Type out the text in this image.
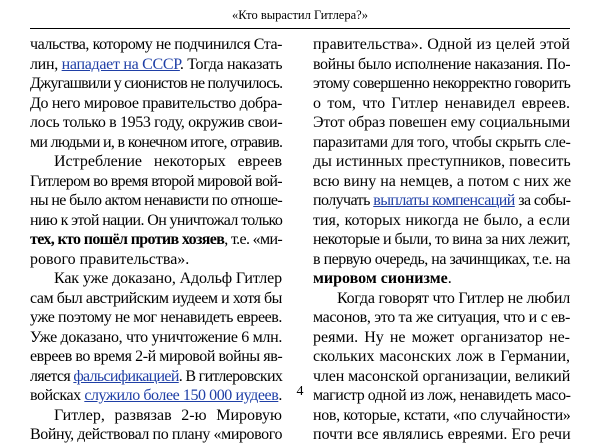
«Кто вырастил Гитлера?»
чальства, которому не подчинился Ста-
лин, нападает на СССР. Тогда наказать
Джугашвили у сионистов не получилось.
До него мировое правительство добра-
лось только в 1953 году, окружив свои-
ми людьми и, в конечном итоге, отравив.
Истребление некоторых евреев
Гитлером во время второй мировой вой-
ны не было актом ненависти по отноше-
нию к этой нации. Он уничтожал только
тех, кто пошёл против хозяев, т.е. «ми-
рового правительства».
Как уже доказано, Адольф Гитлер
сам был австрийским иудеем и хотя бы
уже поэтому не мог ненавидеть евреев.
Уже доказано, что уничтожение 6 млн.
евреев во время 2-й мировой войны яв-
ляется фальсификацией. В гитлеровских
войсках служило более 150 000 иудеев.
Гитлер, развязав 2-ю Мировую
Войну, действовал по плану «мирового
правительства». Одной из целей этой
войны было исполнение наказания. По-
этому совершенно некорректно говорить
о том, что Гитлер ненавидел евреев.
Этот образ повешен ему социальными
паразитами для того, чтобы скрыть сле-
ды истинных преступников, повесить
всю вину на немцев, а потом с них же
получать выплаты компенсаций за собы-
тия, которых никогда не было, а если
некоторые и были, то вина за них лежит,
в первую очередь, на зачинщиках, т.е. на
мировом сионизме.
Когда говорят что Гитлер не любил
масонов, это та же ситуация, что и с ев-
реями. Ну не может организатор не-
скольких масонских лож в Германии,
член масонской организации, великий
магистр одной из лож, ненавидеть масо-
нов, которые, кстати, «по случайности»
почти все являлись евреями. Его речи
4
